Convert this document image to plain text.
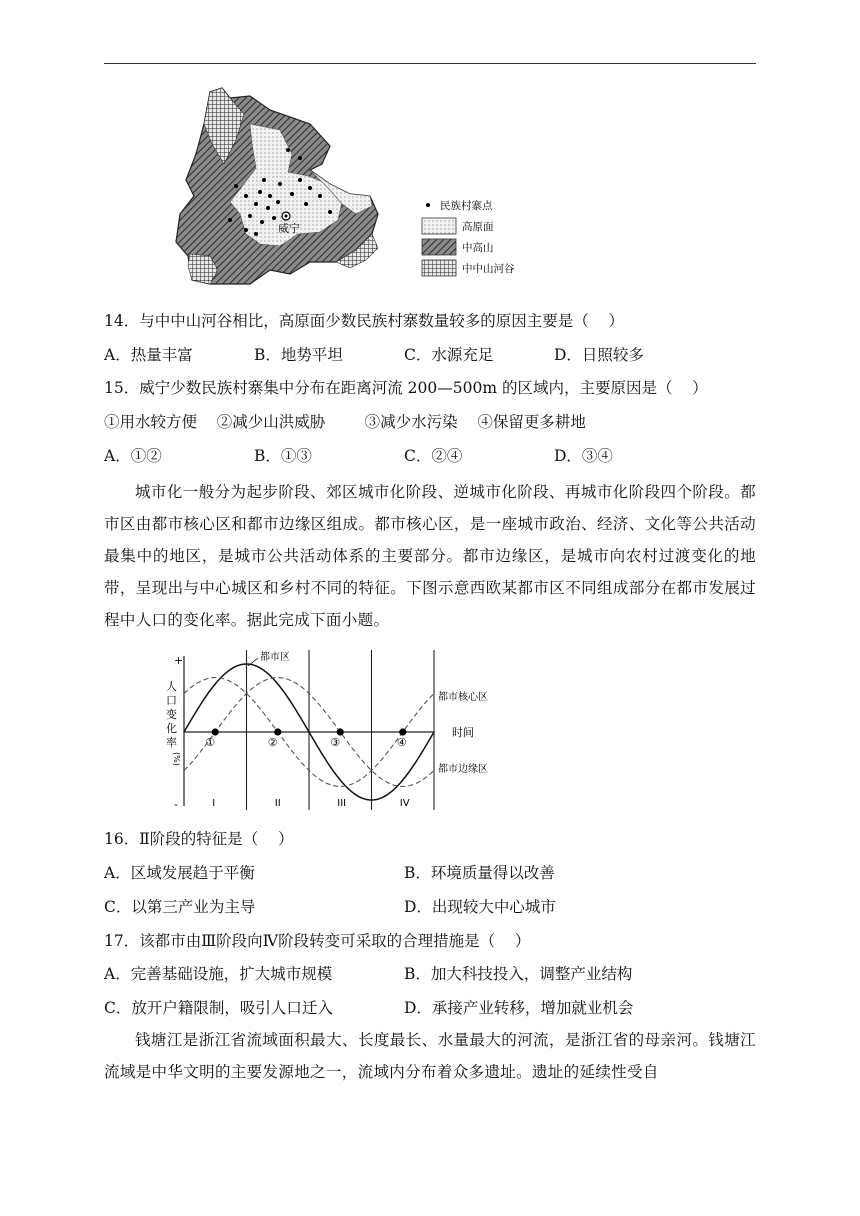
威宁
民族村寨点
高原面
中高山
中中山河谷
14．与中中山河谷相比，高原面少数民族村寨数量较多的原因主要是（    ）
A．热量丰富	B．地势平坦	C．水源充足	D．日照较多
15．威宁少数民族村寨集中分布在距离河流 200—500m 的区域内，主要原因是（    ）
①用水较方便    ②减少山洪威胁        ③减少水污染    ④保留更多耕地
A．①②	B．①③	C．②④	D．③④
城市化一般分为起步阶段、郊区城市化阶段、逆城市化阶段、再城市化阶段四个阶段。都市区由都市核心区和都市边缘区组成。都市核心区，是一座城市政治、经济、文化等公共活动最集中的地区，是城市公共活动体系的主要部分。都市边缘区，是城市向农村过渡变化的地带，呈现出与中心城区和乡村不同的特征。下图示意西欧某都市区不同组成部分在都市发展过程中人口的变化率。据此完成下面小题。
+
-
时间
人
口
变
化
率
(%)
都市区
都市核心区
都市边缘区
①	②	③	④
I	II	III	IV
16．Ⅱ阶段的特征是（    ）
A．区域发展趋于平衡	B．环境质量得以改善
C．以第三产业为主导	D．出现较大中心城市
17．该都市由Ⅲ阶段向Ⅳ阶段转变可采取的合理措施是（    ）
A．完善基础设施，扩大城市规模	B．加大科技投入，调整产业结构
C．放开户籍限制，吸引人口迁入	D．承接产业转移，增加就业机会
钱塘江是浙江省流域面积最大、长度最长、水量最大的河流，是浙江省的母亲河。钱塘江流域是中华文明的主要发源地之一，流域内分布着众多遗址。遗址的延续性受自
